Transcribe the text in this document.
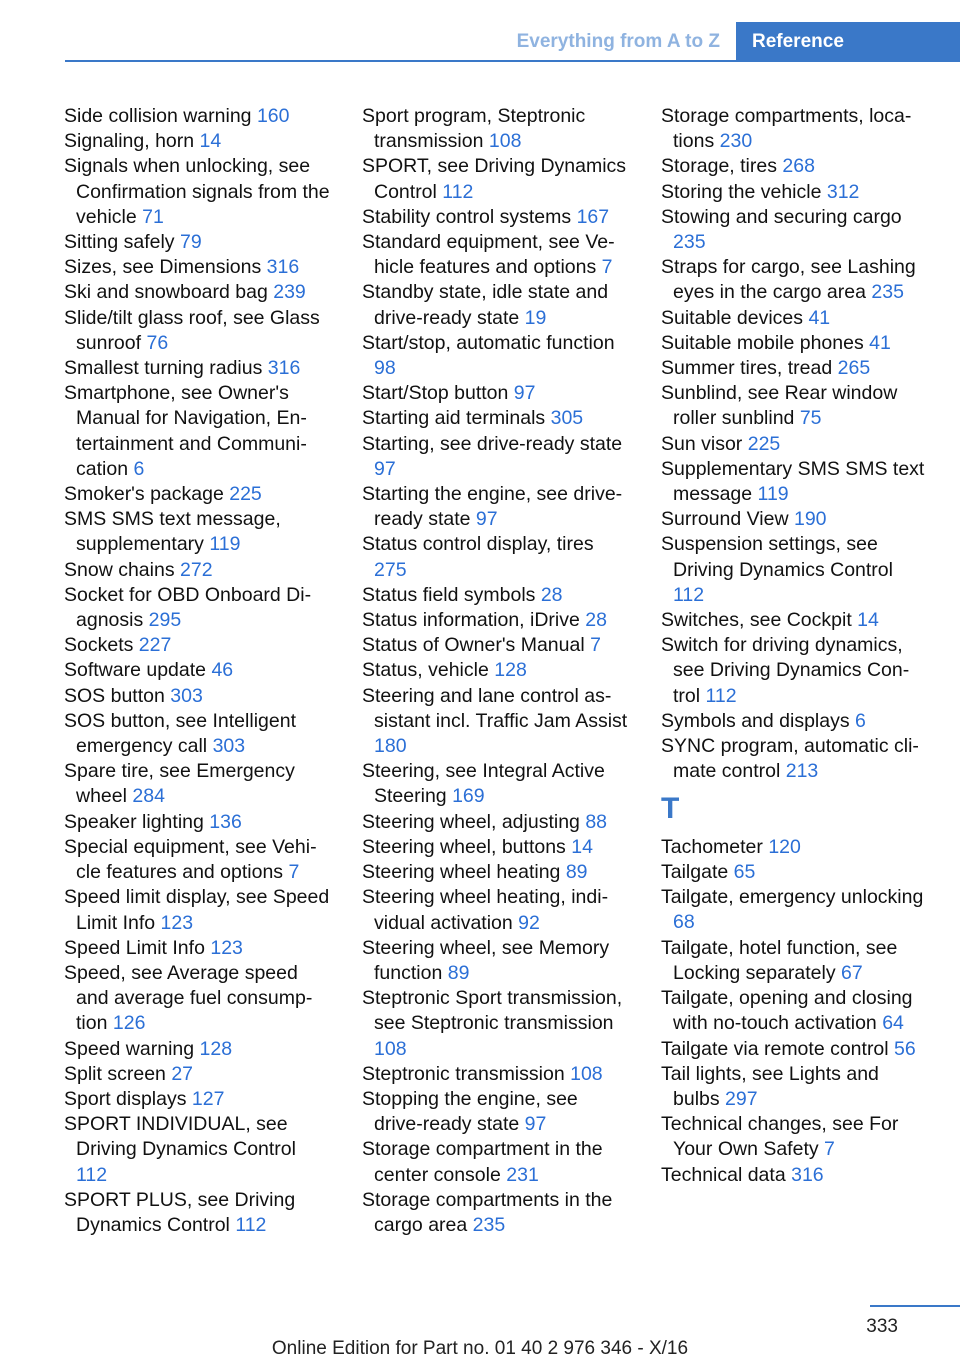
Everything from A to Z	Reference
Side collision warning 160
Signaling, horn 14
Signals when unlocking, see Confirmation signals from the vehicle 71
Sitting safely 79
Sizes, see Dimensions 316
Ski and snowboard bag 239
Slide/tilt glass roof, see Glass sunroof 76
Smallest turning radius 316
Smartphone, see Owner's Manual for Navigation, Entertainment and Communication 6
Smoker's package 225
SMS SMS text message, supplementary 119
Snow chains 272
Socket for OBD Onboard Diagnosis 295
Sockets 227
Software update 46
SOS button 303
SOS button, see Intelligent emergency call 303
Spare tire, see Emergency wheel 284
Speaker lighting 136
Special equipment, see Vehicle features and options 7
Speed limit display, see Speed Limit Info 123
Speed Limit Info 123
Speed, see Average speed and average fuel consumption 126
Speed warning 128
Split screen 27
Sport displays 127
SPORT INDIVIDUAL, see Driving Dynamics Control 112
SPORT PLUS, see Driving Dynamics Control 112
Sport program, Steptronic transmission 108
SPORT, see Driving Dynamics Control 112
Stability control systems 167
Standard equipment, see Vehicle features and options 7
Standby state, idle state and drive-ready state 19
Start/stop, automatic function 98
Start/Stop button 97
Starting aid terminals 305
Starting, see drive-ready state 97
Starting the engine, see drive-ready state 97
Status control display, tires 275
Status field symbols 28
Status information, iDrive 28
Status of Owner's Manual 7
Status, vehicle 128
Steering and lane control assistant incl. Traffic Jam Assist 180
Steering, see Integral Active Steering 169
Steering wheel, adjusting 88
Steering wheel, buttons 14
Steering wheel heating 89
Steering wheel heating, individual activation 92
Steering wheel, see Memory function 89
Steptronic Sport transmission, see Steptronic transmission 108
Steptronic transmission 108
Stopping the engine, see drive-ready state 97
Storage compartment in the center console 231
Storage compartments in the cargo area 235
Storage compartments, locations 230
Storage, tires 268
Storing the vehicle 312
Stowing and securing cargo 235
Straps for cargo, see Lashing eyes in the cargo area 235
Suitable devices 41
Suitable mobile phones 41
Summer tires, tread 265
Sunblind, see Rear window roller sunblind 75
Sun visor 225
Supplementary SMS SMS text message 119
Surround View 190
Suspension settings, see Driving Dynamics Control 112
Switches, see Cockpit 14
Switch for driving dynamics, see Driving Dynamics Control 112
Symbols and displays 6
SYNC program, automatic climate control 213
T
Tachometer 120
Tailgate 65
Tailgate, emergency unlocking 68
Tailgate, hotel function, see Locking separately 67
Tailgate, opening and closing with no-touch activation 64
Tailgate via remote control 56
Tail lights, see Lights and bulbs 297
Technical changes, see For Your Own Safety 7
Technical data 316
333
Online Edition for Part no. 01 40 2 976 346 - X/16
